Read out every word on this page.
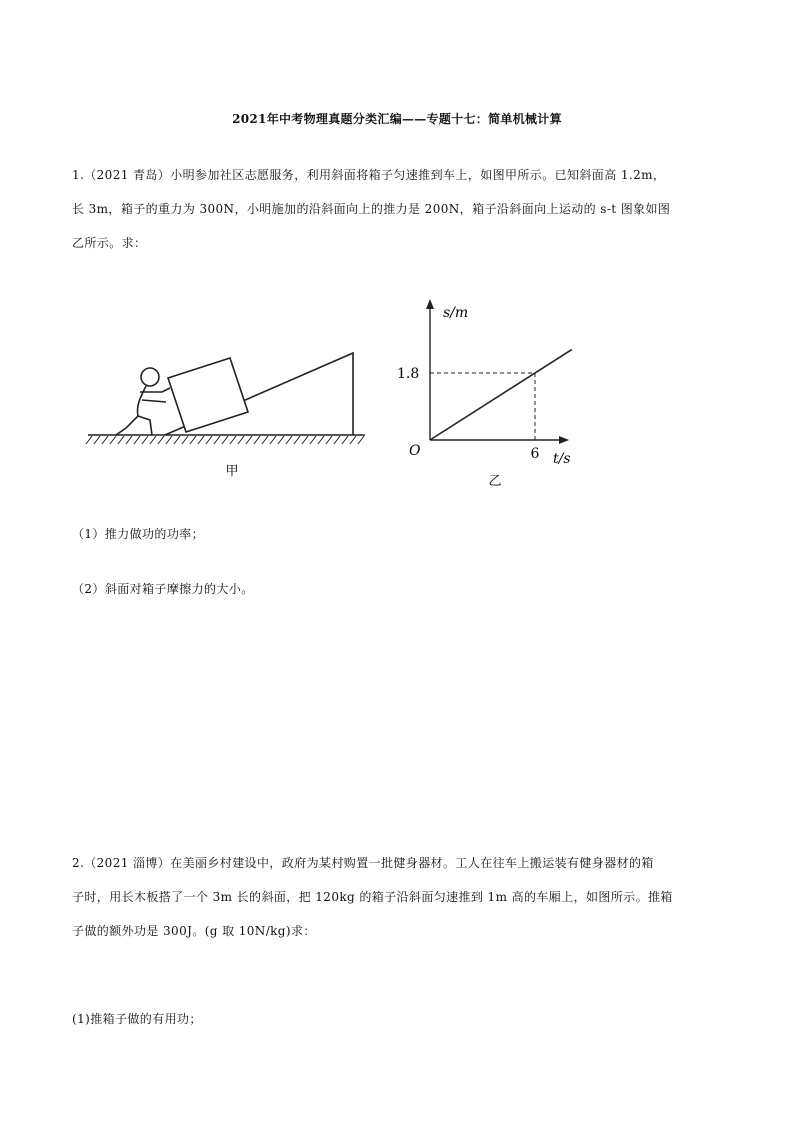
2021年中考物理真题分类汇编——专题十七：简单机械计算
1.（2021 青岛）小明参加社区志愿服务，利用斜面将箱子匀速推到车上，如图甲所示。已知斜面高 1.2m，
长 3m，箱子的重力为 300N，小明施加的沿斜面向上的推力是 200N，箱子沿斜面向上运动的 s-t 图象如图
乙所示。求：
甲
s/m
t/s
O
1.8
6
乙
（1）推力做功的功率；
（2）斜面对箱子摩擦力的大小。
2.（2021 淄博）在美丽乡村建设中，政府为某村购置一批健身器材。工人在往车上搬运装有健身器材的箱
子时，用长木板搭了一个 3m 长的斜面，把 120kg 的箱子沿斜面匀速推到 1m 高的车厢上，如图所示。推箱
子做的额外功是 300J。(g 取 10N/kg)求：
(1)推箱子做的有用功；
